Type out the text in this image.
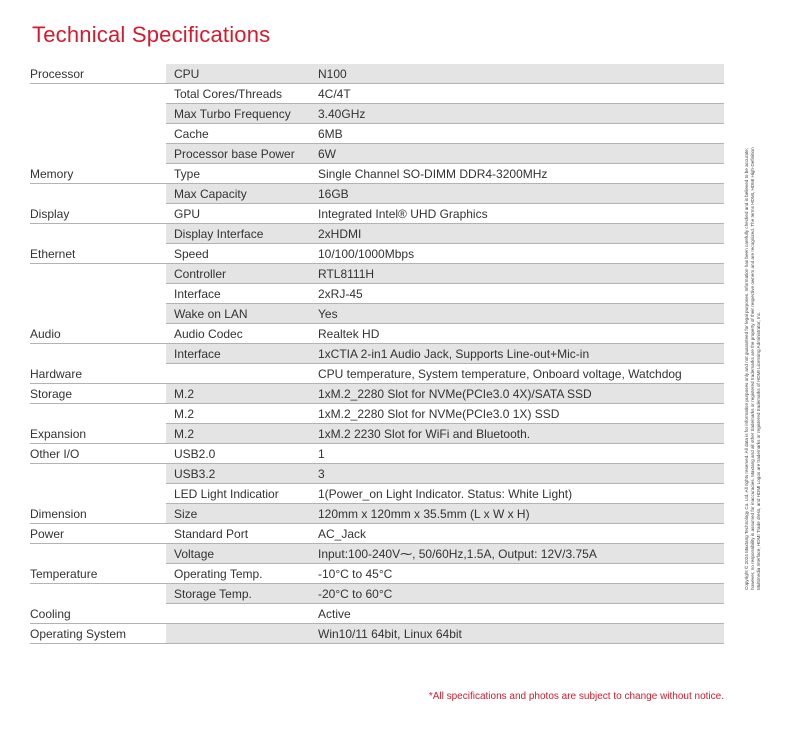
Technical Specifications
Processor	CPU	N100
Total Cores/Threads	4C/4T
Max Turbo Frequency 3.40GHz
Cache	6MB
Processor base Power 6W
Memory	Type	Single Channel SO-DIMM DDR4-3200MHz
Max Capacity	16GB
Display	GPU	Integrated Intel® UHD Graphics
Display Interface	2xHDMI
Ethernet	Speed	10/100/1000Mbps
Controller	RTL8111H
Interface	2xRJ-45
Wake on LAN	Yes
Audio	Audio Codec	Realtek HD
Interface	1xCTIA 2-in1 Audio Jack, Supports Line-out+Mic-in
Hardware	CPU temperature, System temperature, Onboard voltage, Watchdog
Storage	M.2	1xM.2_2280 Slot for NVMe(PCIe3.0 4X)/SATA SSD
M.2	1xM.2_2280 Slot for NVMe(PCIe3.0 1X) SSD
Expansion	M.2	1xM.2 2230 Slot for WiFi and Bluetooth.
Other I/O	USB2.0	1
USB3.2	3
LED Light Indicatior	1(Power_on Light Indicator. Status: White Light)
Dimension	Size	120mm x 120mm x 35.5mm (L x W x H)
Power	Standard Port	AC_Jack
Voltage	Input:100-240V⁓, 50/60Hz,1.5A, Output: 12V/3.75A
Temperature	Operating Temp.	-10°C to 45°C
Storage Temp.	-20°C to 60°C
Cooling	Active
Operating System	Win10/11 64bit, Linux 64bit
*All specifications and photos are subject to change without notice.
Copyright © 2024 Maxtang Technology Co. Ltd. All rights reserved. All data is for information purposes only and not guaranteed for legal purposes. Information has been carefully checked and is believed to be accurate; however, no responsibility is assumed for inaccuracies. Maxtang and all other trademarks or registered trademarks are the property of their respective owners and are recognized. The terms HDMI, HDMI High-Definition Multimedia Interface, HDMI Trade dress, and HDMI Logos are trademarks or registered trademarks of HDMI Licensing Administrator, Inc.
